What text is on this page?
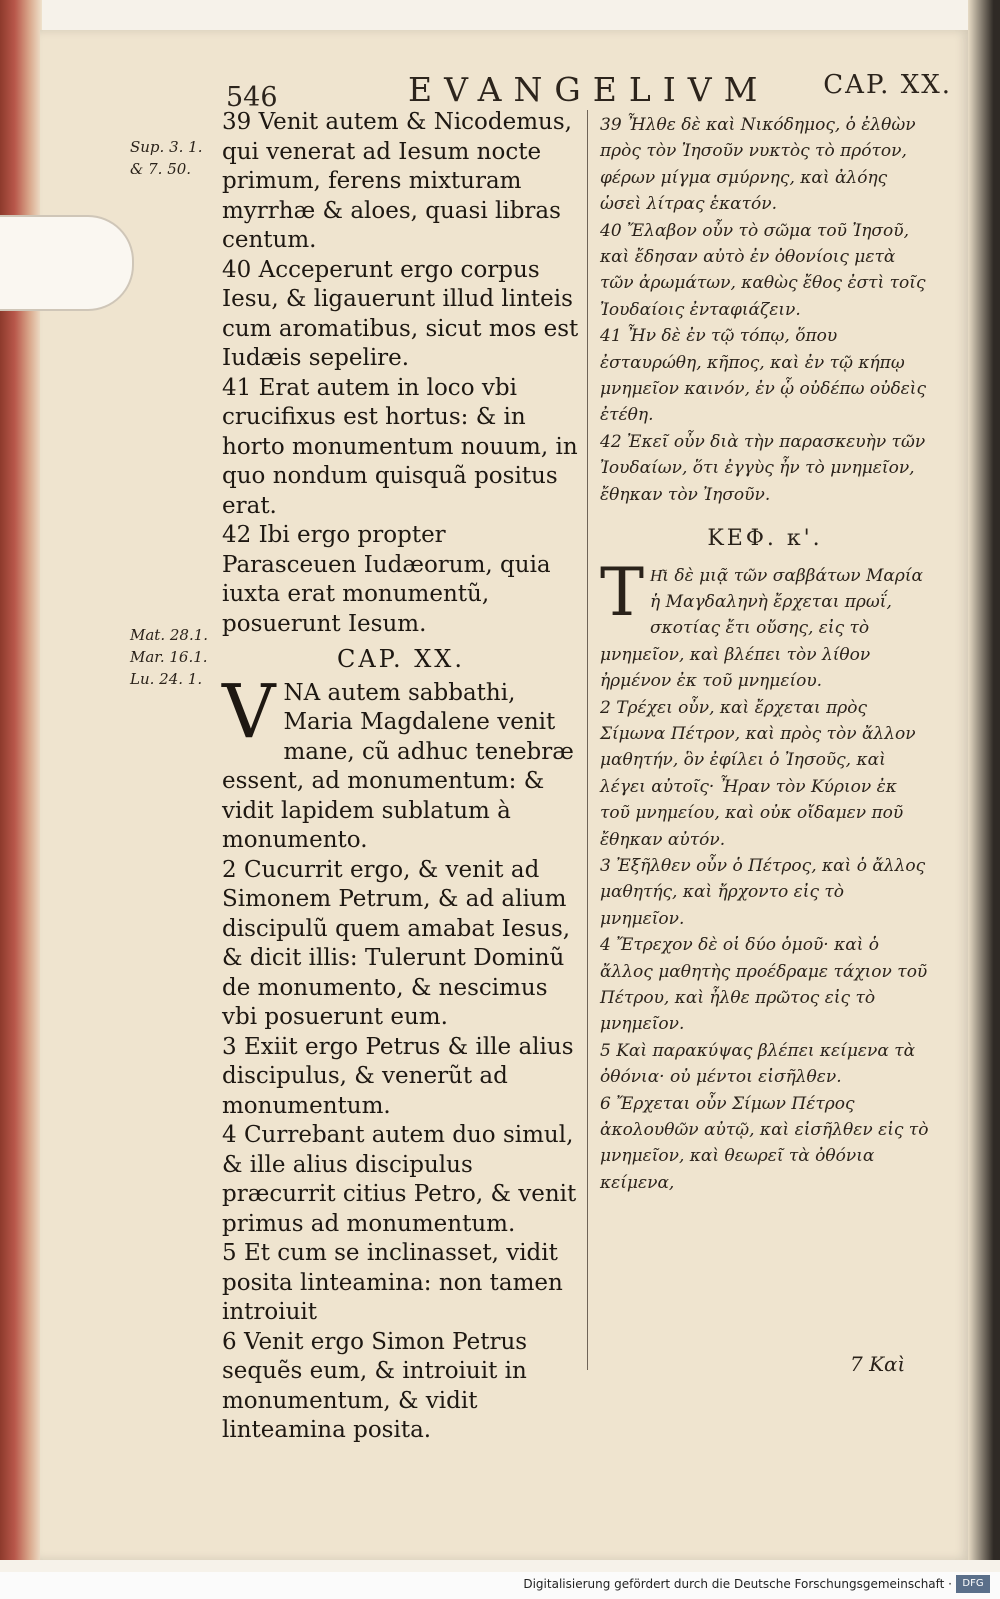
546	EVANGELIVM CAP. XX.
Sup. 3. 1.
& 7. 50.
Mat. 28.1.
Mar. 16.1.
Lu. 24. 1.

39 Venit autem & Nicodemus, qui venerat ad Iesum nocte primum, ferens mixturam myrrhæ & aloes, quasi libras centum.

40 Acceperunt ergo corpus Iesu, & ligauerunt illud linteis cum aromatibus, sicut mos est Iudæis sepelire.

41 Erat autem in loco vbi crucifixus est hortus: & in horto monumentum nouum, in quo nondum quisquã positus erat.

42 Ibi ergo propter Parasceuen Iudæorum, quia iuxta erat monumentũ, posuerunt Iesum.

CAP. XX.

VNA autem sabbathi, Maria Magdalene venit mane, cũ adhuc tenebræ essent, ad monumentum: & vidit lapidem sublatum à monumento.

2 Cucurrit ergo, & venit ad Simonem Petrum, & ad alium discipulũ quem amabat Iesus, & dicit illis: Tulerunt Dominũ de monumento, & nescimus vbi posuerunt eum.

3 Exiit ergo Petrus & ille alius discipulus, & venerũt ad monumentum.

4 Currebant autem duo simul, & ille alius discipulus præcurrit citius Petro, & venit primus ad monumentum.

5 Et cum se inclinasset, vidit posita linteamina: non tamen introiuit

6 Venit ergo Simon Petrus sequẽs eum, & introiuit in monumentum, & vidit linteamina posita.

39 Ἦλθε δὲ καὶ Νικόδημος, ὁ ἐλθὼν πρὸς τὸν Ἰησοῦν νυκτὸς τὸ πρότον, φέρων μίγμα σμύρνης, καὶ ἀλόης ὡσεὶ λίτρας ἑκατόν.

40 Ἔλαβον οὖν τὸ σῶμα τοῦ Ἰησοῦ, καὶ ἔδησαν αὐτὸ ἐν ὀθονίοις μετὰ τῶν ἀρωμάτων, καθὼς ἔθος ἐστὶ τοῖς Ἰουδαίοις ἐνταφιάζειν.

41 Ἦν δὲ ἐν τῷ τόπῳ, ὅπου ἐσταυρώθη, κῆπος, καὶ ἐν τῷ κήπῳ μνημεῖον καινόν, ἐν ᾧ οὐδέπω οὐδεὶς ἐτέθη.

42 Ἐκεῖ οὖν διὰ τὴν παρασκευὴν τῶν Ἰουδαίων, ὅτι ἐγγὺς ἦν τὸ μνημεῖον, ἔθηκαν τὸν Ἰησοῦν.

ΚΕΦ. κ'.

Τ Η͂ι δὲ μιᾷ τῶν σαββάτων Μαρία ἡ Μαγδαληνὴ ἔρχεται πρωΐ, σκοτίας ἔτι οὔσης, εἰς τὸ μνημεῖον, καὶ βλέπει τὸν λίθον ἠρμένον ἐκ τοῦ μνημείου.

2 Τρέχει οὖν, καὶ ἔρχεται πρὸς Σίμωνα Πέτρον, καὶ πρὸς τὸν ἄλλον μαθητήν, ὃν ἐφίλει ὁ Ἰησοῦς, καὶ λέγει αὐτοῖς· Ἦραν τὸν Κύριον ἐκ τοῦ μνημείου, καὶ οὐκ οἴδαμεν ποῦ ἔθηκαν αὐτόν.

3 Ἐξῆλθεν οὖν ὁ Πέτρος, καὶ ὁ ἄλλος μαθητής, καὶ ἤρχοντο εἰς τὸ μνημεῖον.

4 Ἔτρεχον δὲ οἱ δύο ὁμοῦ· καὶ ὁ ἄλλος μαθητὴς προέδραμε τάχιον τοῦ Πέτρου, καὶ ἦλθε πρῶτος εἰς τὸ μνημεῖον.

5 Καὶ παρακύψας βλέπει κείμενα τὰ ὀθόνια· οὐ μέντοι εἰσῆλθεν.

6 Ἔρχεται οὖν Σίμων Πέτρος ἀκολουθῶν αὐτῷ, καὶ εἰσῆλθεν εἰς τὸ μνημεῖον, καὶ θεωρεῖ τὰ ὀθόνια κείμενα,

7 Καὶ
Digitalisierung gefördert durch die Deutsche Forschungsgemeinschaft ·	DFG
